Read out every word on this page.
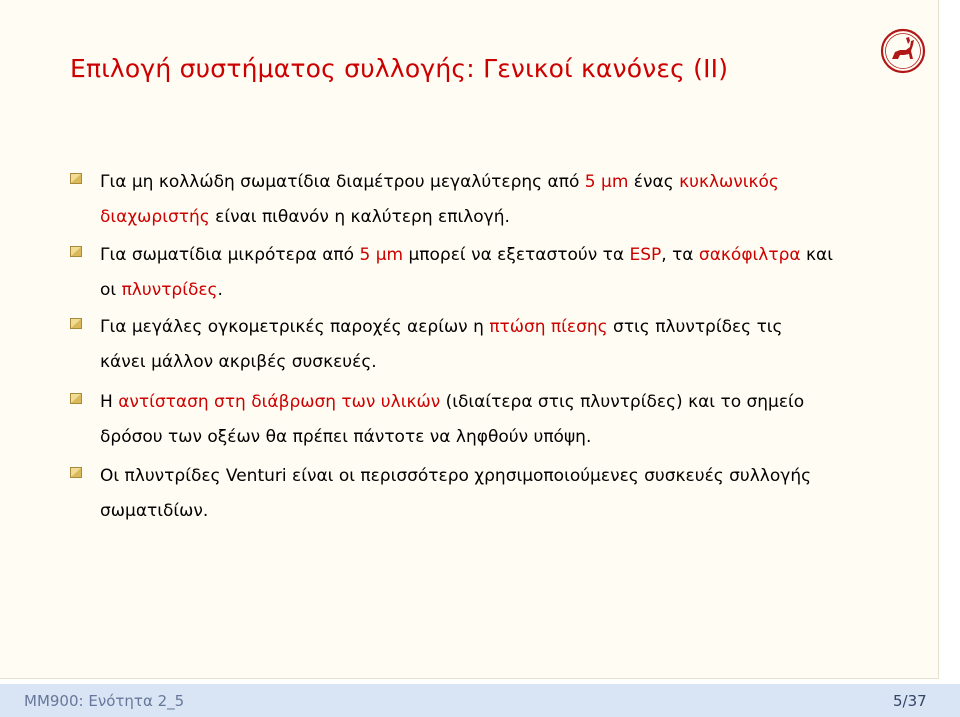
Επιλογή συστήματος συλλογής: Γενικοί κανόνες (ΙΙ)
Για μη κολλώδη σωματίδια διαμέτρου μεγαλύτερης από 5 μm ένας κυκλωνικός
διαχωριστής είναι πιθανόν η καλύτερη επιλογή.
Για σωματίδια μικρότερα από 5 μm μπορεί να εξεταστούν τα ESP, τα σακόφιλτρα και
οι πλυντρίδες.
Για μεγάλες ογκομετρικές παροχές αερίων η πτώση πίεσης στις πλυντρίδες τις
κάνει μάλλον ακριβές συσκευές.
Η αντίσταση στη διάβρωση των υλικών (ιδιαίτερα στις πλυντρίδες) και το σημείο
δρόσου των οξέων θα πρέπει πάντοτε να ληφθούν υπόψη.
Οι πλυντρίδες Venturi είναι οι περισσότερο χρησιμοποιούμενες συσκευές συλλογής
σωματιδίων.
ΜΜ900: Ενότητα 2_5	5/37
